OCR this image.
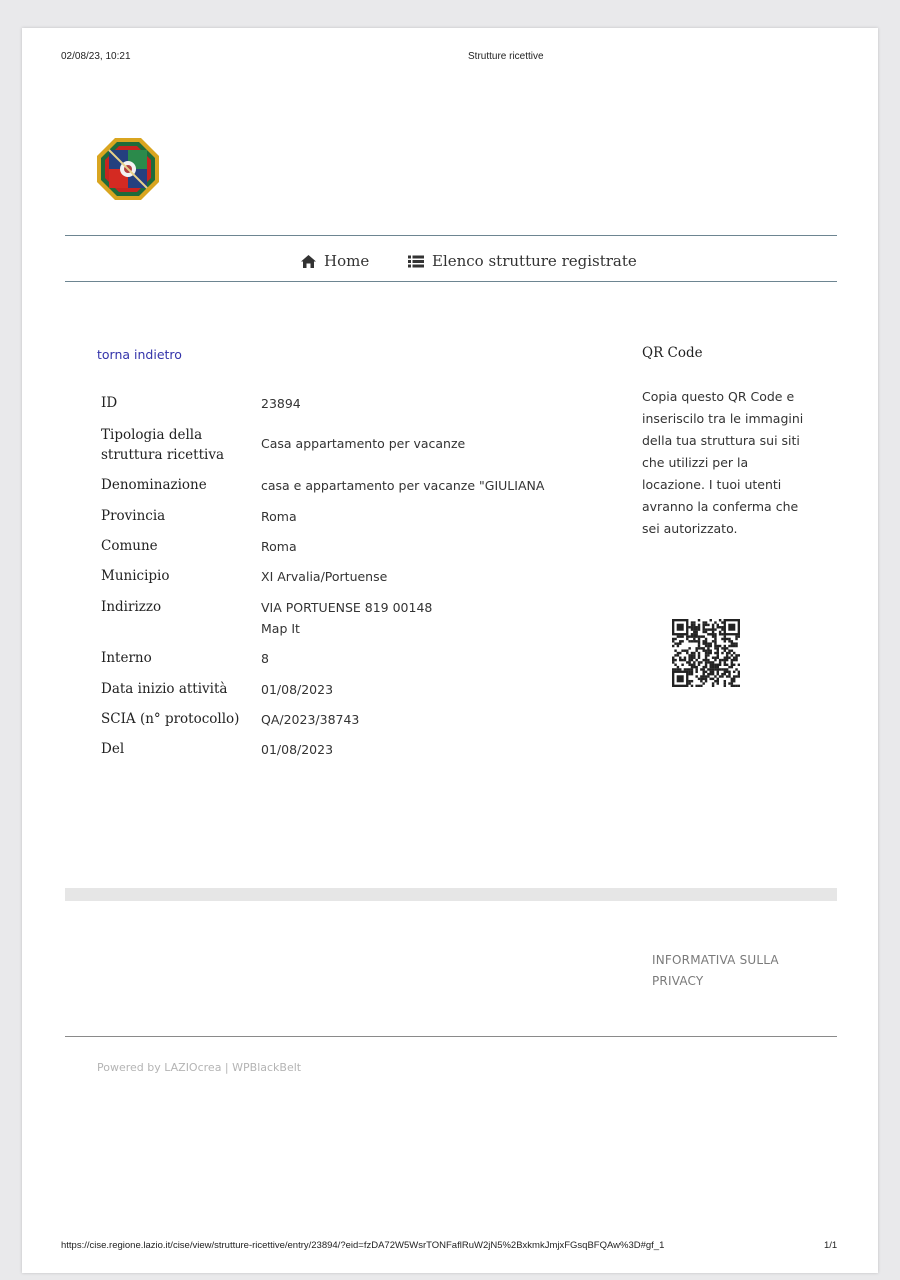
02/08/23, 10:21	Strutture ricettive
Home	Elenco strutture registrate
torna indietro
ID	23894
Tipologia della struttura ricettiva
Casa appartamento per vacanze
Denominazione	casa e appartamento per vacanze "GIULIANA
Provincia	Roma
Comune	Roma
Municipio	XI Arvalia/Portuense
Indirizzo	VIA PORTUENSE 819 00148
Map It
Interno	8
Data inizio attività	01/08/2023
SCIA (n° protocollo) QA/2023/38743
Del	01/08/2023
QR Code
Copia questo QR Code e inseriscilo tra le immagini della tua struttura sui siti che utilizzi per la locazione. I tuoi utenti avranno la conferma che sei autorizzato.
INFORMATIVA SULLA PRIVACY
Powered by LAZIOcrea | WPBlackBelt
https://cise.regione.lazio.it/cise/view/strutture-ricettive/entry/23894/?eid=fzDA72W5WsrTONFaflRuW2jN5%2BxkmkJmjxFGsqBFQAw%3D#gf_1	1/1
